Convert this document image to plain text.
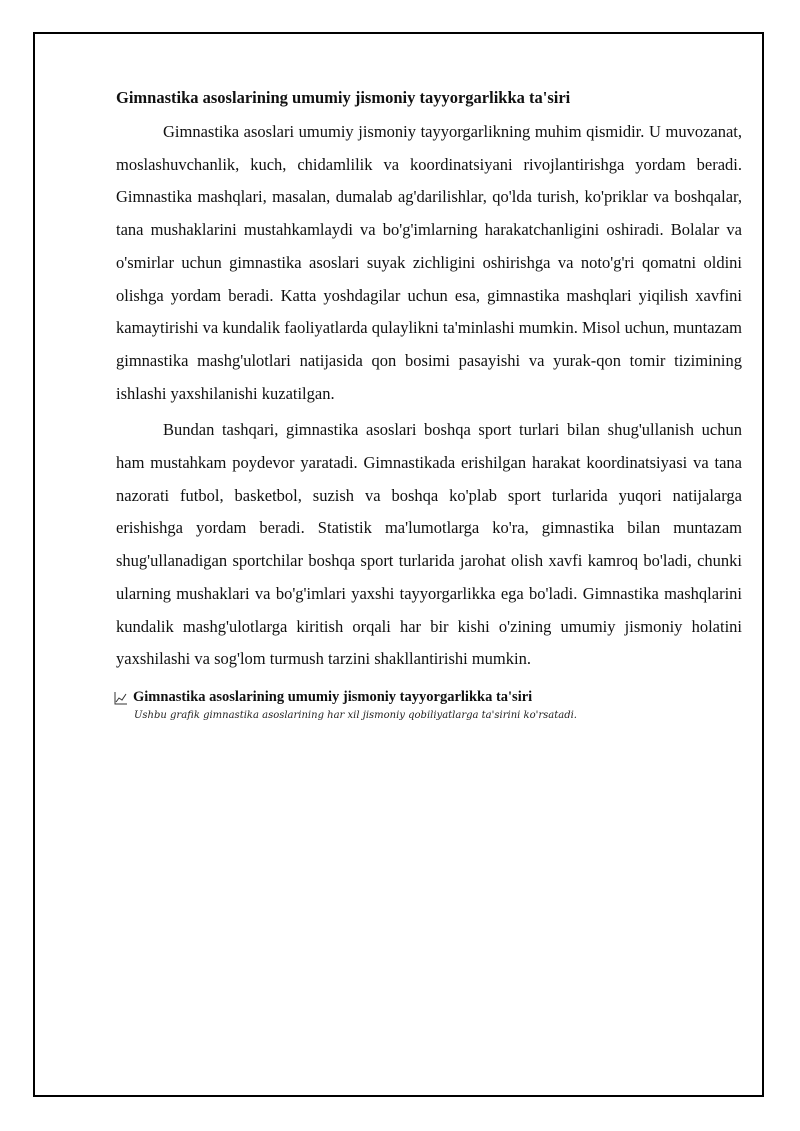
Gimnastika asoslarining umumiy jismoniy tayyorgarlikka ta'siri

Gimnastika asoslari umumiy jismoniy tayyorgarlikning muhim qismidir. U muvozanat, moslashuvchanlik, kuch, chidamlilik va koordinatsiyani rivojlantirishga yordam beradi. Gimnastika mashqlari, masalan, dumalab ag'darilishlar, qo'lda turish, ko'priklar va boshqalar, tana mushaklarini mustahkamlaydi va bo'g'imlarning harakatchanligini oshiradi. Bolalar va o'smirlar uchun gimnastika asoslari suyak zichligini oshirishga va noto'g'ri qomatni oldini olishga yordam beradi. Katta yoshdagilar uchun esa, gimnastika mashqlari yiqilish xavfini kamaytirishi va kundalik faoliyatlarda qulaylikni ta'minlashi mumkin. Misol uchun, muntazam gimnastika mashg'ulotlari natijasida qon bosimi pasayishi va yurak-qon tomir tizimining ishlashi yaxshilanishi kuzatilgan.

Bundan tashqari, gimnastika asoslari boshqa sport turlari bilan shug'ullanish uchun ham mustahkam poydevor yaratadi. Gimnastikada erishilgan harakat koordinatsiyasi va tana nazorati futbol, basketbol, suzish va boshqa ko'plab sport turlarida yuqori natijalarga erishishga yordam beradi. Statistik ma'lumotlarga ko'ra, gimnastika bilan muntazam shug'ullanadigan sportchilar boshqa sport turlarida jarohat olish xavfi kamroq bo'ladi, chunki ularning mushaklari va bo'g'imlari yaxshi tayyorgarlikka ega bo'ladi. Gimnastika mashqlarini kundalik mashg'ulotlarga kiritish orqali har bir kishi o'zining umumiy jismoniy holatini yaxshilashi va sog'lom turmush tarzini shakllantirishi mumkin.

Gimnastika asoslarining umumiy jismoniy tayyorgarlikka ta'siri
Ushbu grafik gimnastika asoslarining har xil jismoniy qobiliyatlarga ta'sirini ko'rsatadi.
